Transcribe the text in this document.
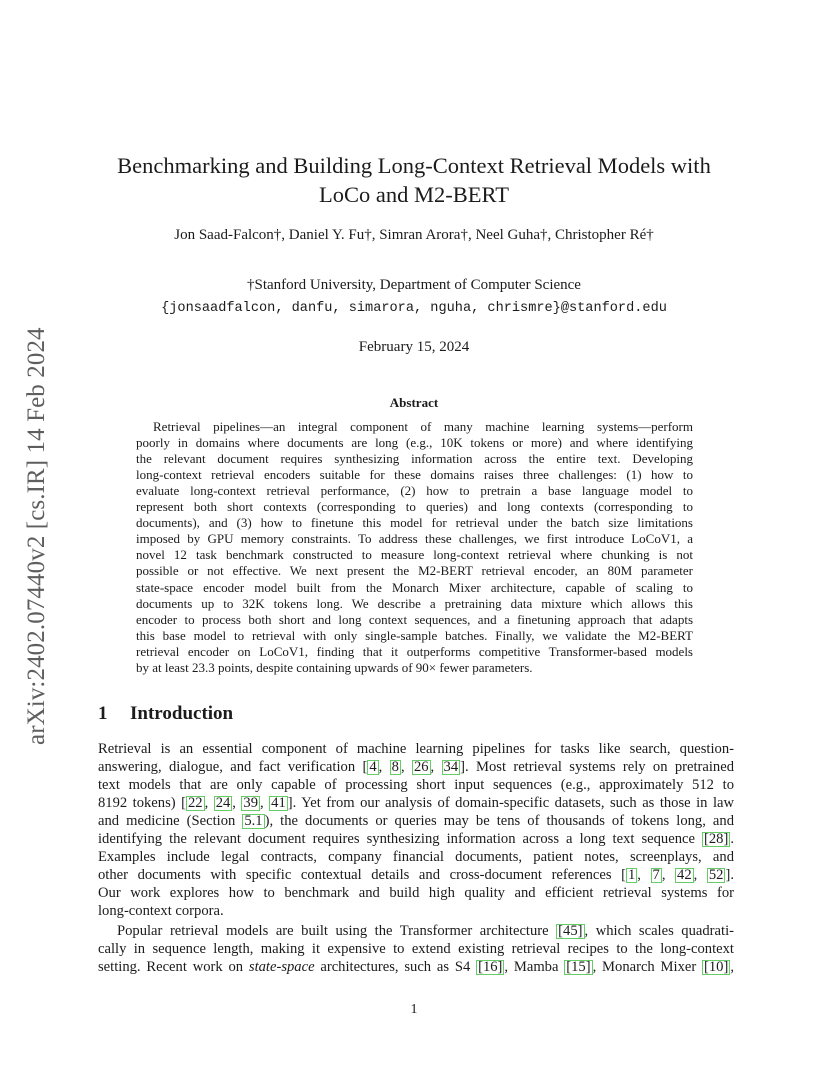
arXiv:2402.07440v2 [cs.IR] 14 Feb 2024
Benchmarking and Building Long-Context Retrieval Models with
LoCo and M2-BERT
Jon Saad-Falcon†, Daniel Y. Fu†, Simran Arora†, Neel Guha†, Christopher Ré†
†Stanford University, Department of Computer Science
{jonsaadfalcon, danfu, simarora, nguha, chrismre}@stanford.edu
February 15, 2024
Abstract
Retrieval pipelines—an integral component of many machine learning systems—perform
poorly in domains where documents are long (e.g., 10K tokens or more) and where identifying
the relevant document requires synthesizing information across the entire text. Developing
long-context retrieval encoders suitable for these domains raises three challenges: (1) how to
evaluate long-context retrieval performance, (2) how to pretrain a base language model to
represent both short contexts (corresponding to queries) and long contexts (corresponding to
documents), and (3) how to finetune this model for retrieval under the batch size limitations
imposed by GPU memory constraints. To address these challenges, we first introduce LoCoV1, a
novel 12 task benchmark constructed to measure long-context retrieval where chunking is not
possible or not effective. We next present the M2-BERT retrieval encoder, an 80M parameter
state-space encoder model built from the Monarch Mixer architecture, capable of scaling to
documents up to 32K tokens long. We describe a pretraining data mixture which allows this
encoder to process both short and long context sequences, and a finetuning approach that adapts
this base model to retrieval with only single-sample batches. Finally, we validate the M2-BERT
retrieval encoder on LoCoV1, finding that it outperforms competitive Transformer-based models
by at least 23.3 points, despite containing upwards of 90× fewer parameters.
1 Introduction
Retrieval is an essential component of machine learning pipelines for tasks like search, question-
answering, dialogue, and fact verification [ 4 , 8 , 26 , 34 ]. Most retrieval systems rely on pretrained
text models that are only capable of processing short input sequences (e.g., approximately 512 to
8192 tokens) [ 22 , 24 , 39 , 41 ]. Yet from our analysis of domain-specific datasets, such as those in law
and medicine (Section 5.1 ), the documents or queries may be tens of thousands of tokens long, and
identifying the relevant document requires synthesizing information across a long text sequence [28] .
Examples include legal contracts, company financial documents, patient notes, screenplays, and
other documents with specific contextual details and cross-document references [ 1 , 7 , 42 , 52 ].
Our work explores how to benchmark and build high quality and efficient retrieval systems for
long-context corpora.
Popular retrieval models are built using the Transformer architecture [45] , which scales quadrati-
cally in sequence length, making it expensive to extend existing retrieval recipes to the long-context
setting. Recent work on state-space architectures, such as S4 [16] , Mamba [15] , Monarch Mixer [10] ,
1
